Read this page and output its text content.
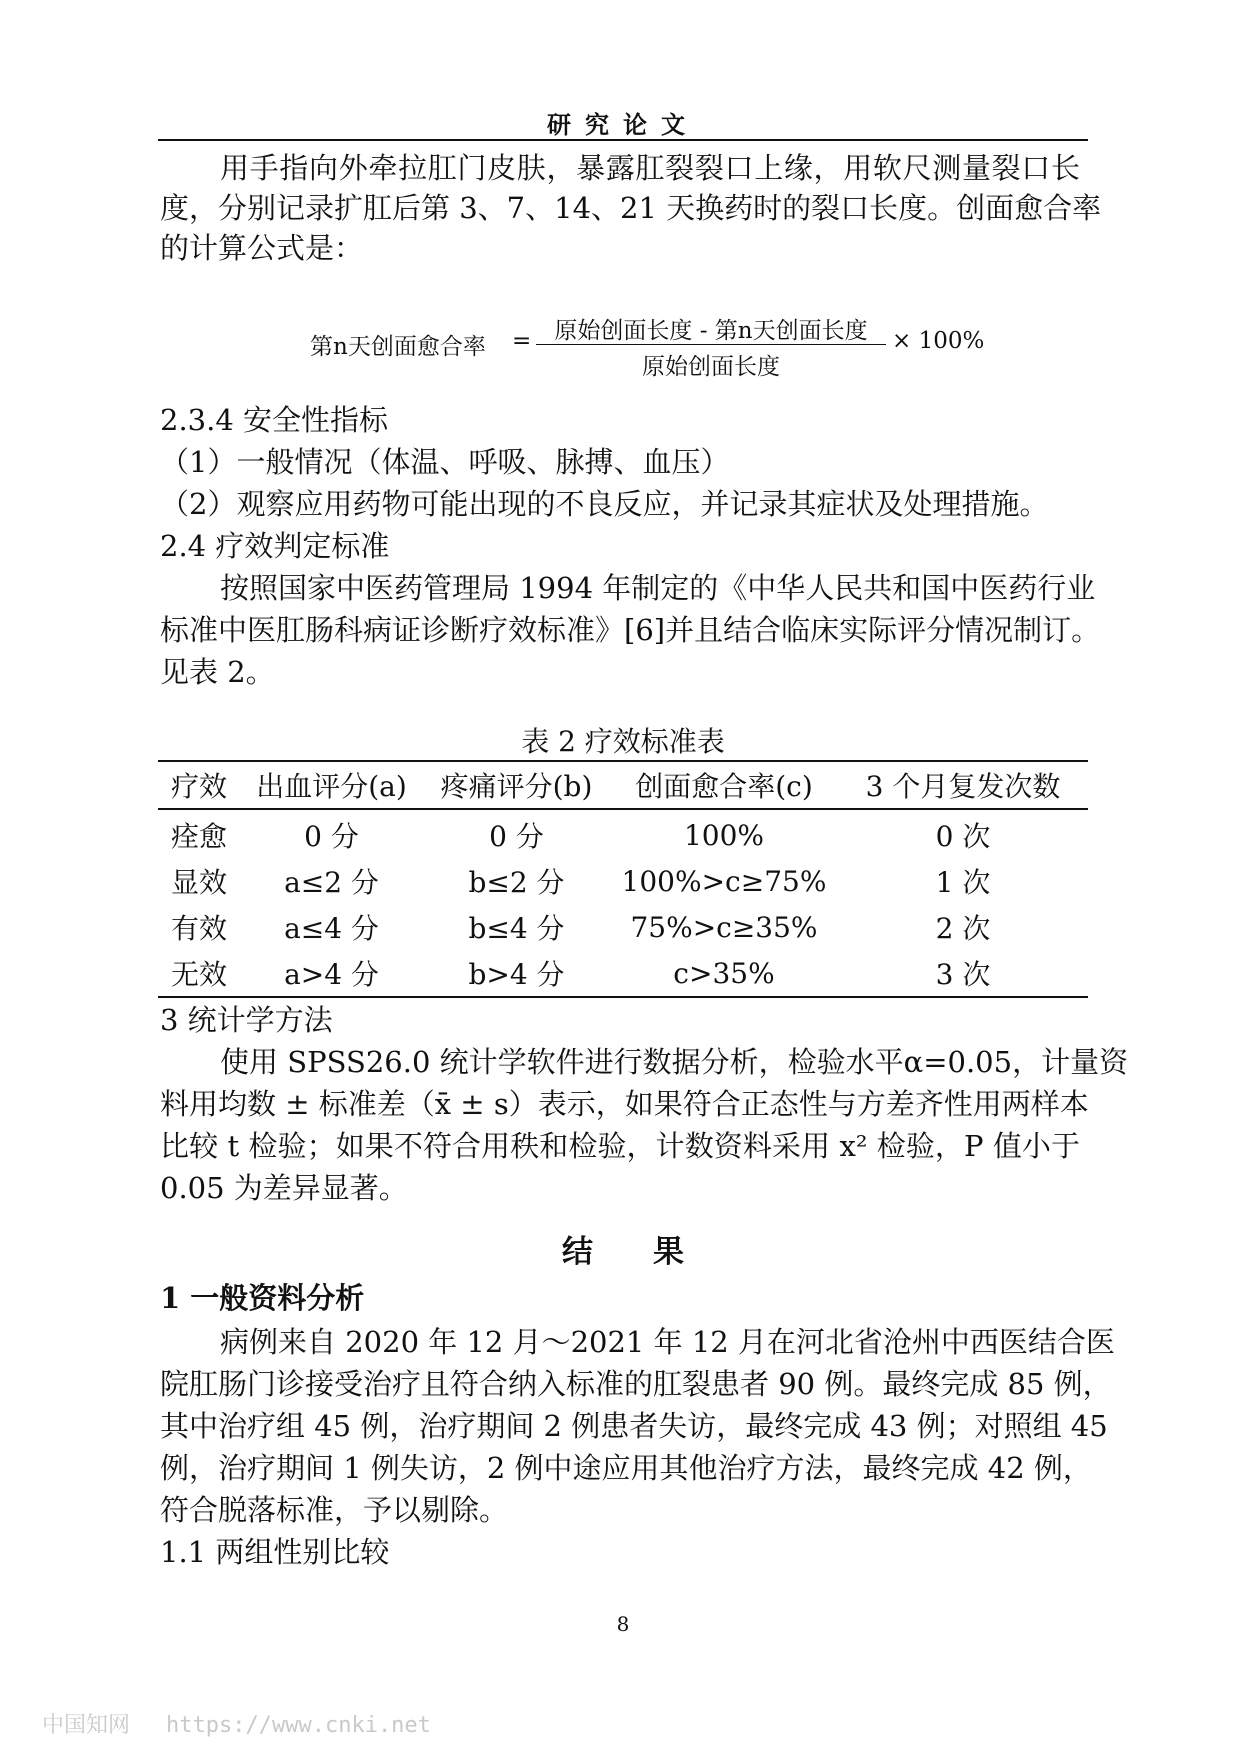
研究论文
用手指向外牵拉肛门皮肤，暴露肛裂裂口上缘，用软尺测量裂口长
度，分别记录扩肛后第 3、7、14、21 天换药时的裂口长度。创面愈合率
的计算公式是：
第n天创面愈合率 =	原始创面长度 - 第n天创面长度
原始创面长度
× 100%
2.3.4 安全性指标
（1）一般情况（体温、呼吸、脉搏、血压）
（2）观察应用药物可能出现的不良反应，并记录其症状及处理措施。
2.4 疗效判定标准
按照国家中医药管理局 1994 年制定的《中华人民共和国中医药行业
标准中医肛肠科病证诊断疗效标准》[6]并且结合临床实际评分情况制订。
见表 2。
表 2 疗效标准表
疗效	出血评分(a)	疼痛评分(b)	创面愈合率(c)	3 个月复发次数
痊愈	0 分	0 分	100%	0 次
显效	a≤2 分	b≤2 分	100%>c≥75%	1 次
有效	a≤4 分	b≤4 分	75%>c≥35%	2 次
无效	a>4 分	b>4 分	c>35%	3 次
3 统计学方法
使用 SPSS26.0 统计学软件进行数据分析，检验水平α=0.05，计量资
料用均数 ± 标准差（x̄ ± s）表示，如果符合正态性与方差齐性用两样本
比较 t 检验；如果不符合用秩和检验，计数资料采用 x² 检验，P 值小于
0.05 为差异显著。
结果
1 一般资料分析
病例来自 2020 年 12 月～2021 年 12 月在河北省沧州中西医结合医
院肛肠门诊接受治疗且符合纳入标准的肛裂患者 90 例。最终完成 85 例，
其中治疗组 45 例，治疗期间 2 例患者失访，最终完成 43 例；对照组 45
例，治疗期间 1 例失访，2 例中途应用其他治疗方法，最终完成 42 例，
符合脱落标准，予以剔除。
1.1 两组性别比较
8
中国知网 https://www.cnki.net
